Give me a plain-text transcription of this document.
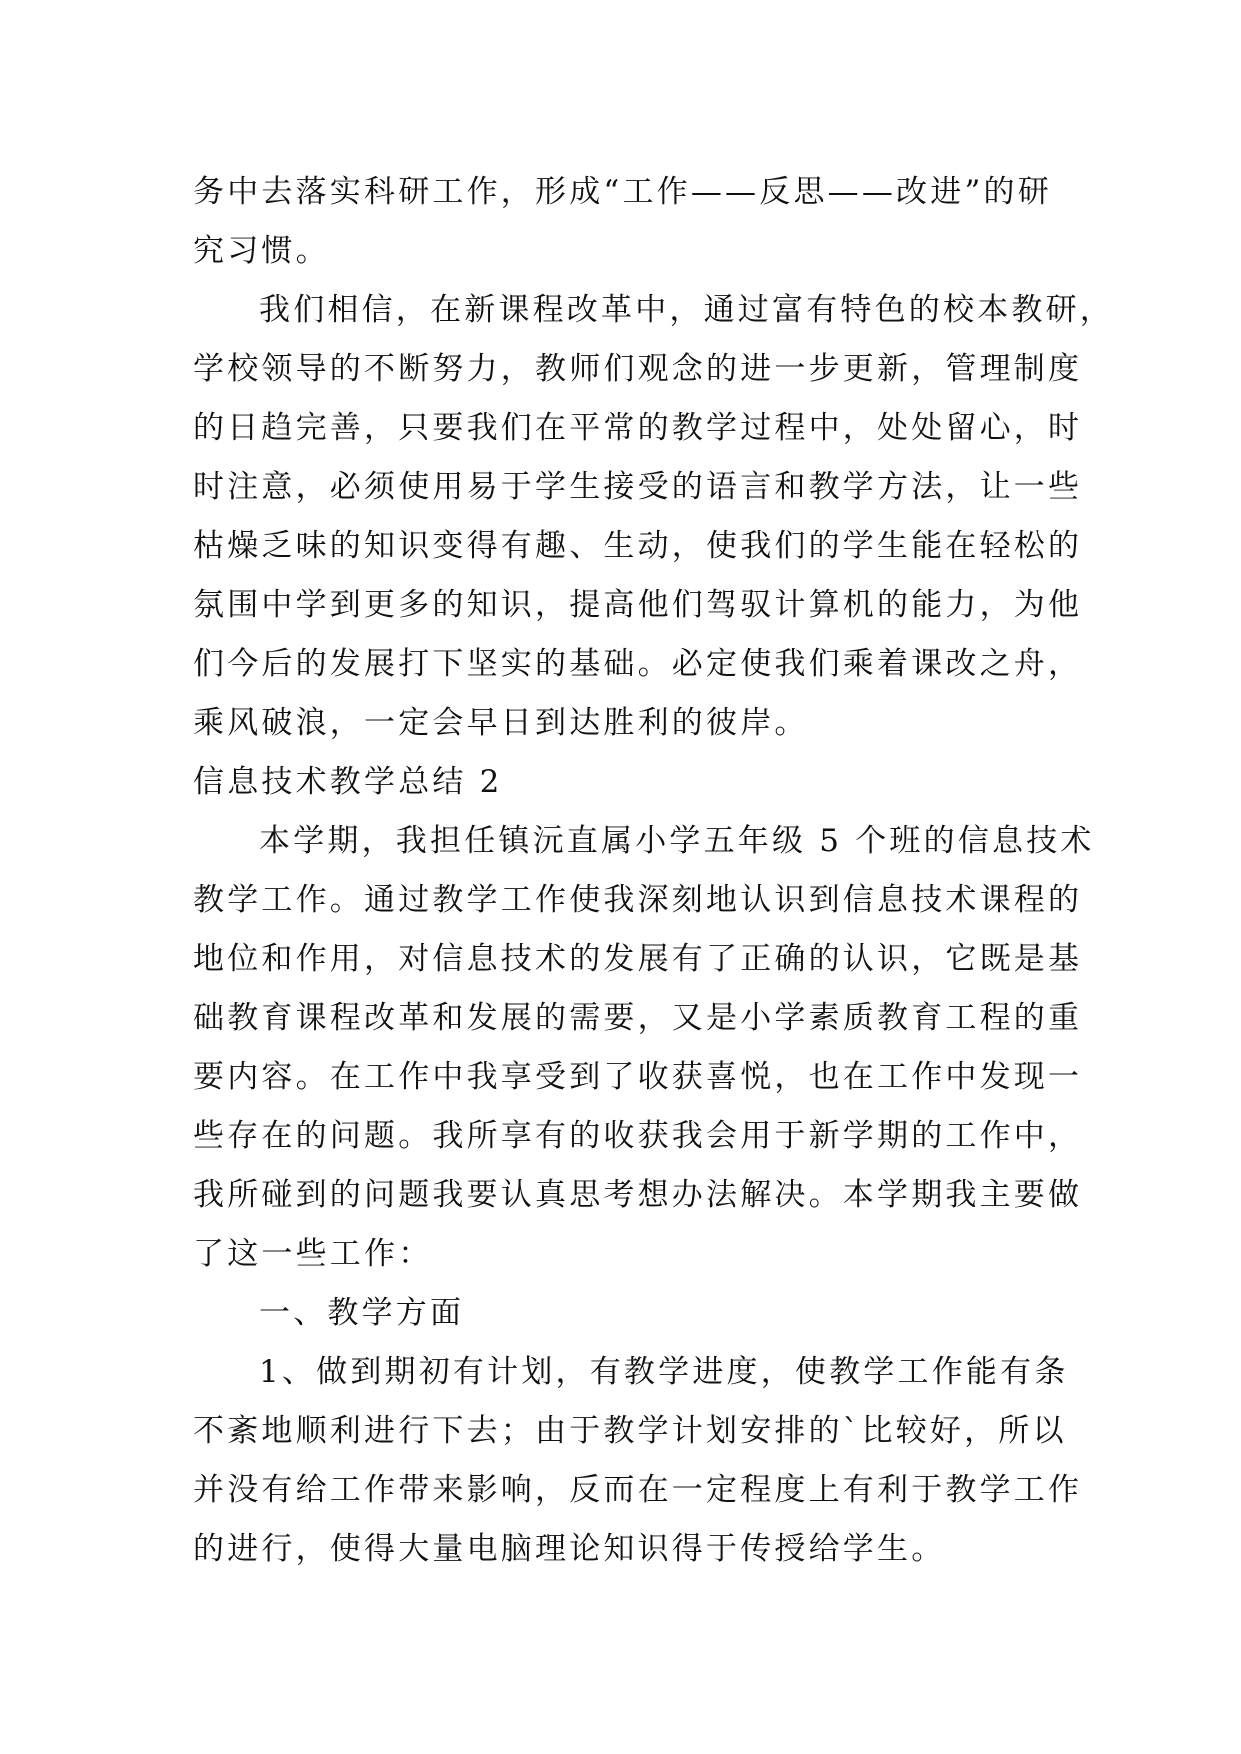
务中去落实科研工作，形成“工作——反思——改进”的研
究习惯。
我们相信，在新课程改革中，通过富有特色的校本教研，
学校领导的不断努力，教师们观念的进一步更新，管理制度
的日趋完善，只要我们在平常的教学过程中，处处留心，时
时注意，必须使用易于学生接受的语言和教学方法，让一些
枯燥乏味的知识变得有趣、生动，使我们的学生能在轻松的
氛围中学到更多的知识，提高他们驾驭计算机的能力，为他
们今后的发展打下坚实的基础。必定使我们乘着课改之舟，
乘风破浪，一定会早日到达胜利的彼岸。
信息技术教学总结 2
本学期，我担任镇沅直属小学五年级 5 个班的信息技术
教学工作。通过教学工作使我深刻地认识到信息技术课程的
地位和作用，对信息技术的发展有了正确的认识，它既是基
础教育课程改革和发展的需要，又是小学素质教育工程的重
要内容。在工作中我享受到了收获喜悦，也在工作中发现一
些存在的问题。我所享有的收获我会用于新学期的工作中，
我所碰到的问题我要认真思考想办法解决。本学期我主要做
了这一些工作：
一、教学方面
1、做到期初有计划，有教学进度，使教学工作能有条
不紊地顺利进行下去；由于教学计划安排的`比较好，所以
并没有给工作带来影响，反而在一定程度上有利于教学工作
的进行，使得大量电脑理论知识得于传授给学生。
